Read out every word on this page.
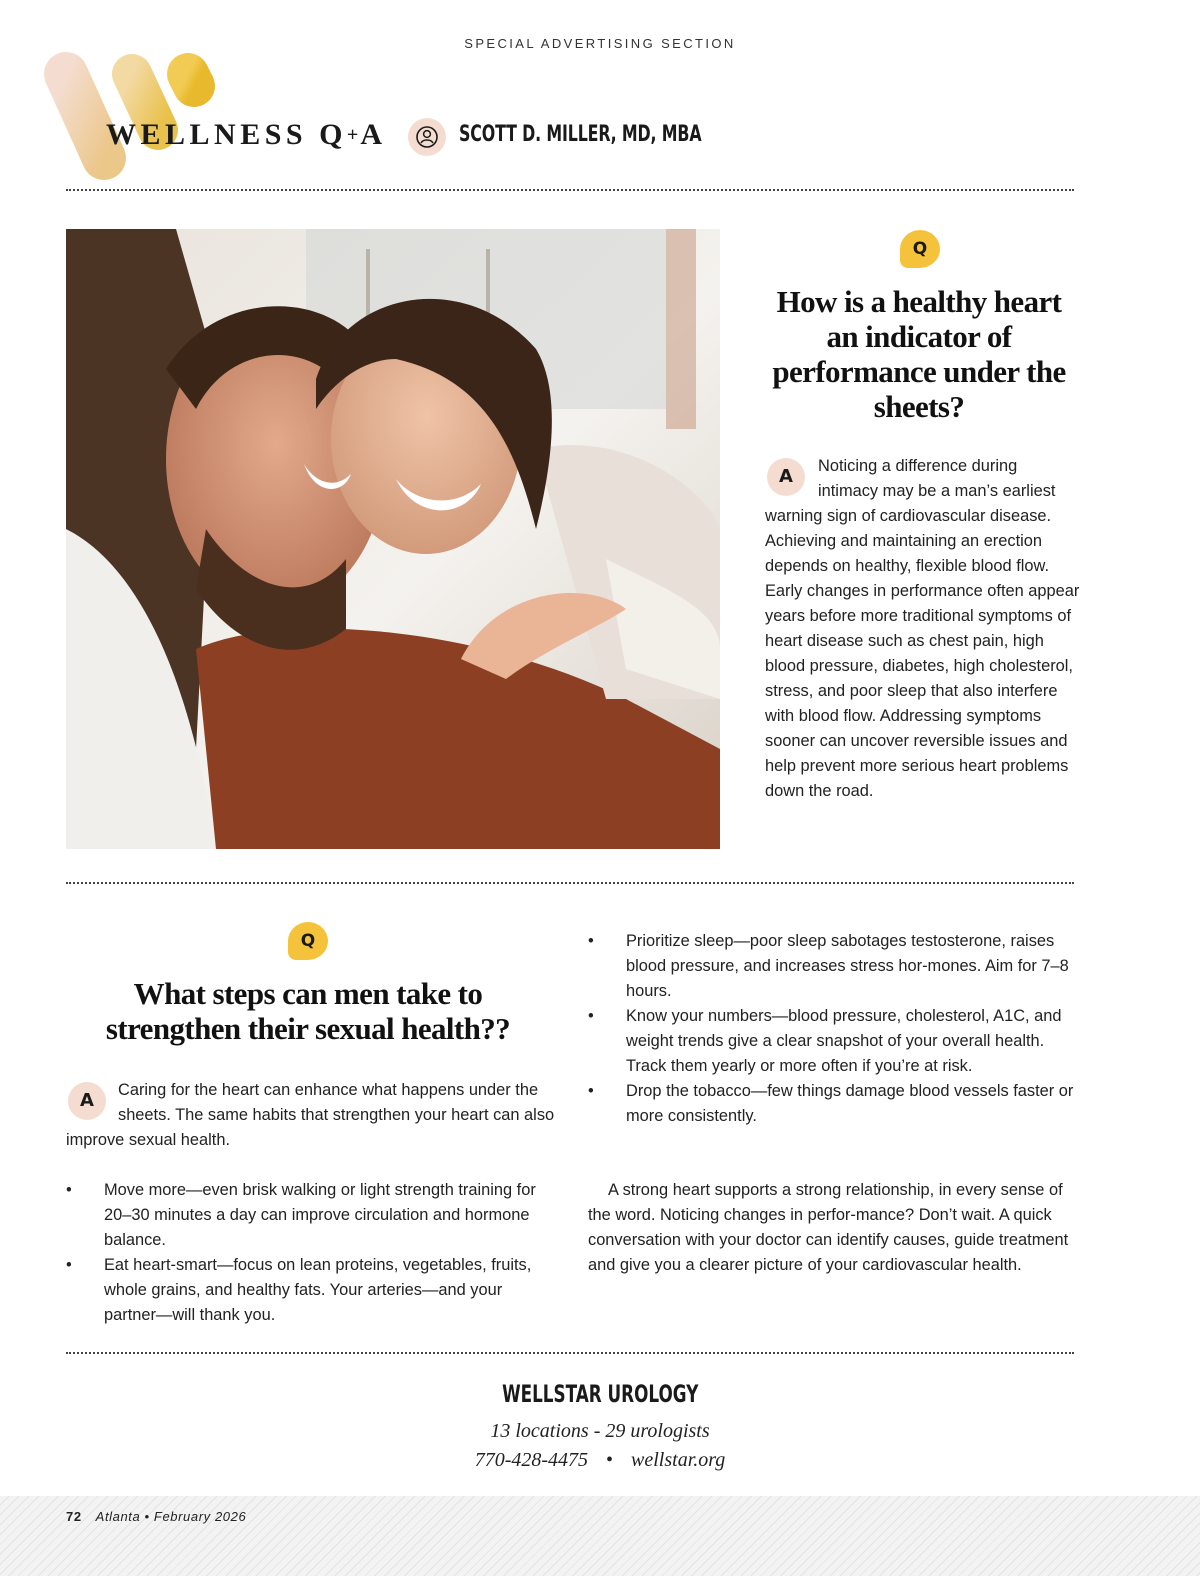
SPECIAL ADVERTISING SECTION
WELLNESS Q+A	SCOTT D. MILLER, MD, MBA
Q
How is a healthy heart an indicator of performance under the sheets?
A	Noticing a difference during intimacy may be a man’s earliest warning sign of cardiovascular disease. Achieving and maintaining an erection depends on healthy, flexible blood flow. Early changes in performance often appear years before more traditional symptoms of heart disease such as chest pain, high blood pressure, diabetes, high cholesterol, stress, and poor sleep that also interfere with blood flow. Addressing symptoms sooner can uncover reversible issues and help prevent more serious heart problems down the road.
Q
What steps can men take to strengthen their sexual health??
A	Caring for the heart can enhance what happens under the sheets. The same habits that strengthen your heart can also improve sexual health.
• Move more—even brisk walking or light strength training for 20–30 minutes a day can improve circulation and hormone balance.
• Eat heart-smart—focus on lean proteins, vegetables, fruits, whole grains, and healthy fats. Your arteries—and your partner—will thank you.
• Prioritize sleep—poor sleep sabotages testosterone, raises blood pressure, and increases stress hor-mones. Aim for 7–8 hours.
• Know your numbers—blood pressure, cholesterol, A1C, and weight trends give a clear snapshot of your overall health. Track them yearly or more often if you’re at risk.
• Drop the tobacco—few things damage blood vessels faster or more consistently.

A strong heart supports a strong relationship, in every sense of the word. Noticing changes in perfor-mance? Don’t wait. A quick conversation with your doctor can identify causes, guide treatment and give you a clearer picture of your cardiovascular health.

WELLSTAR UROLOGY
13 locations - 29 urologists
770-428-4475 • wellstar.org
72 Atlanta • February 2026
